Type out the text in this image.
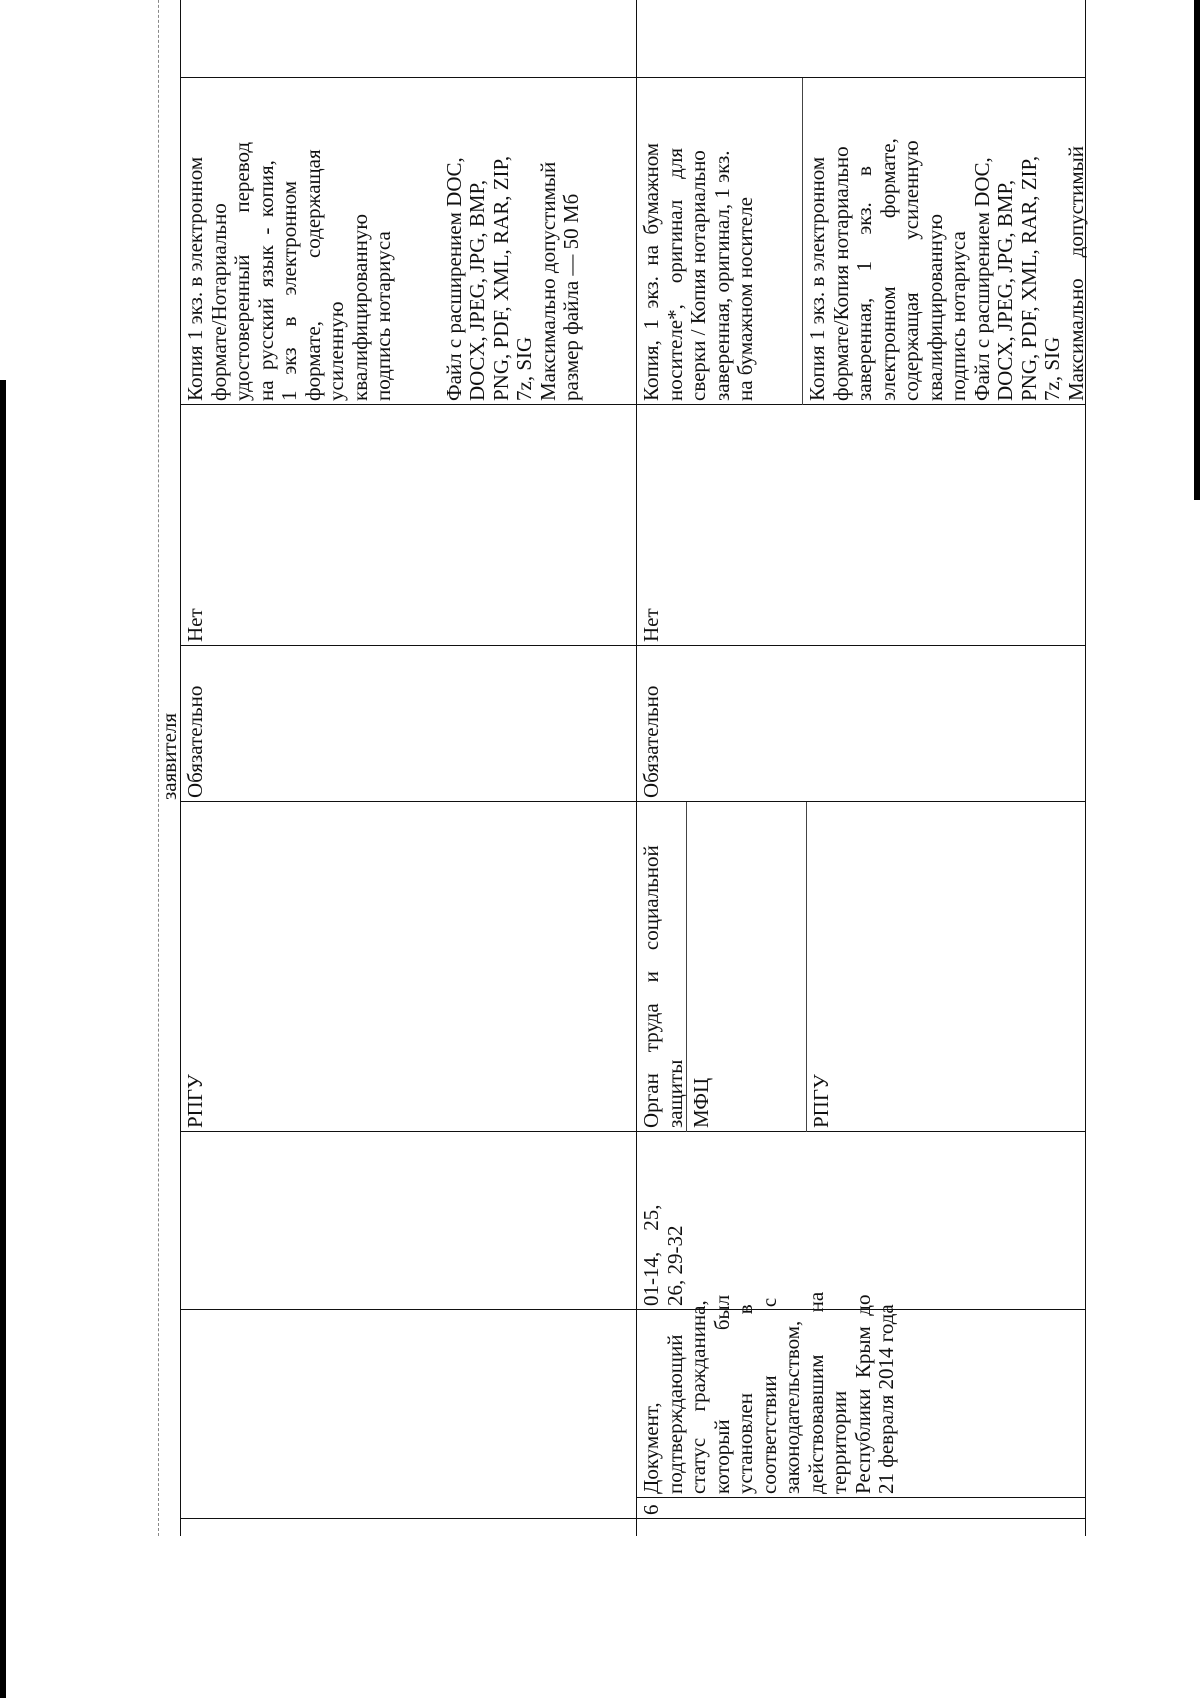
заявителя
РПГУ
Обязательно
Нет
Копия 1 экз. в электронном формате/Нотариально удостоверенный        перевод на  русский  язык  -  копия, 1   экз    в    электронном формате,            содержащая усиленную квалифицированную подпись нотариуса Файл с расширением DOC, DOCX, JPEG, JPG, BMP, PNG, PDF, XML, RAR, ZIP, 7z, SIG Максимально допустимый размер файла — 50 Мб
6
Документ, подтверждающий статус     гражданина, который                 был установлен               в соответствии             с законодательством, действовавшим        на территории Республики  Крым  до 21 февраля 2014 года
01-14,    25, 26, 29-32
Орган    труда    и    социальной защиты МФЦ	РПГУ
Обязательно
Нет
Копия,  1  экз.  на  бумажном носителе*,    оригинал    для сверки / Копия нотариально заверенная, оригинал, 1 экз. на бумажном носителе Копия 1 экз. в электронном формате/Копия нотариально заверенная,     1     экз.     в электронном             формате, содержащая          усиленную квалифицированную подпись нотариуса Файл с расширением DOC, DOCX, JPEG, JPG, BMP, PNG, PDF, XML, RAR, ZIP, 7z, SIG Максимально    допустимый
